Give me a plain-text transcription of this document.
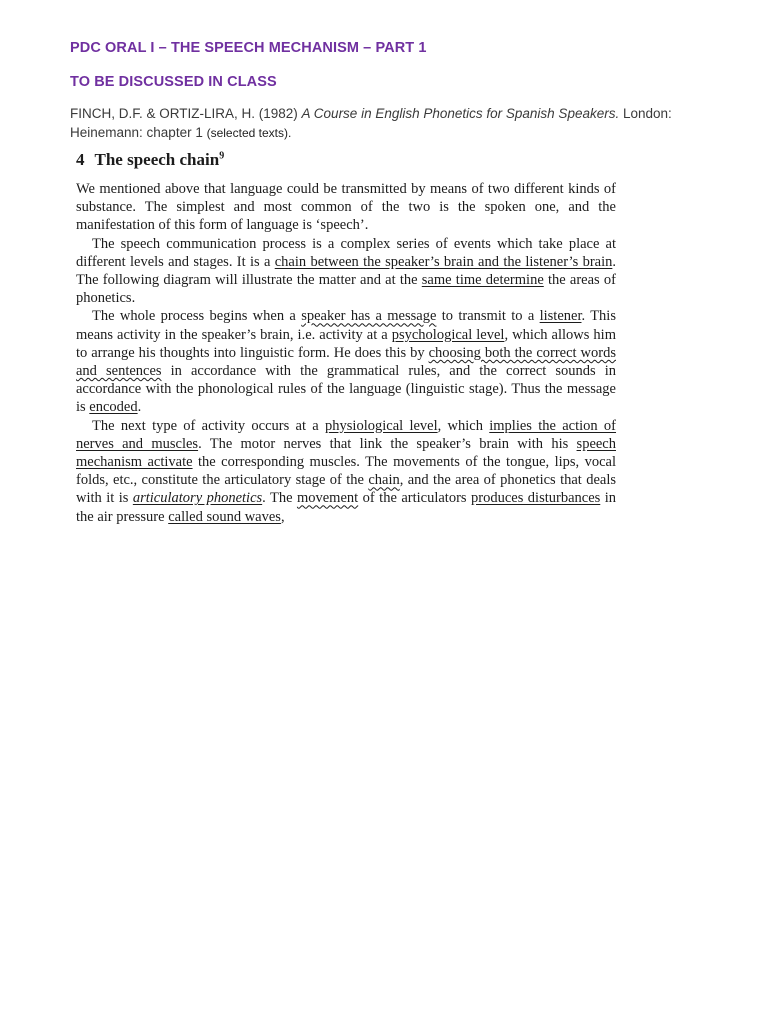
PDC ORAL I – THE SPEECH MECHANISM – PART 1
TO BE DISCUSSED IN CLASS
FINCH, D.F. & ORTIZ-LIRA, H. (1982) A Course in English Phonetics for Spanish Speakers. London: Heinemann: chapter 1 (selected texts).
4 The speech chain$^9$

We mentioned above that language could be transmitted by means of two different kinds of substance. The simplest and most common of the two is the spoken one, and the manifestation of this form of language is ‘speech’.

The speech communication process is a complex series of events which take place at different levels and stages. It is a chain between the speaker’s brain and the listener’s brain. The following diagram will illustrate the matter and at the same time determine the areas of phonetics.

The whole process begins when a speaker has a message to transmit to a listener. This means activity in the speaker’s brain, i.e. activity at a psychological level, which allows him to arrange his thoughts into linguistic form. He does this by choosing both the correct words and sentences in accordance with the grammatical rules, and the correct sounds in accordance with the phonological rules of the language (linguistic stage). Thus the message is encoded.

The next type of activity occurs at a physiological level, which implies the action of nerves and muscles. The motor nerves that link the speaker’s brain with his speech mechanism activate the corresponding muscles. The movements of the tongue, lips, vocal folds, etc., constitute the articulatory stage of the chain, and the area of phonetics that deals with it is articulatory phonetics. The movement of the articulators produces disturbances in the air pressure called sound waves,
